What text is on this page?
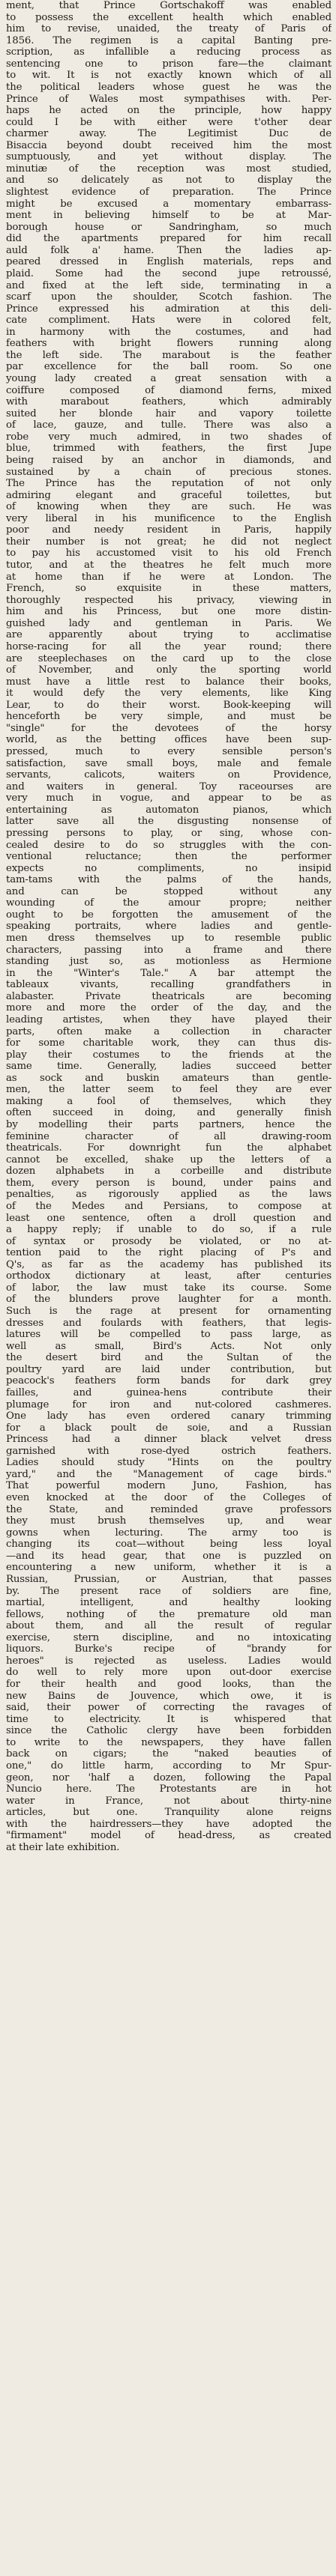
ment, that Prince Gortschakoff was enabled
to possess the excellent health which enabled
him to revise, unaided, the treaty of Paris of
1856. The regimen is a capital Banting pre-
scription, as infallible a reducing process as
sentencing one to prison fare—the claimant
to wit. It is not exactly known which of all
the political leaders whose guest he was the
Prince of Wales most sympathises with. Per-
haps he acted on the principle, how happy
could I be with either were t'other dear
charmer away. The Legitimist Duc de
Bisaccia beyond doubt received him the most
sumptuously, and yet without display. The
minutiæ of the reception was most studied,
and so delicately as not to display the
slightest evidence of preparation. The Prince
might be excused a momentary embarrass-
ment in believing himself to be at Mar-
borough house or Sandringham, so much
did the apartments prepared for him recall
auld folk a' hame. Then the ladies ap-
peared dressed in English materials, reps and
plaid. Some had the second jupe retroussé,
and fixed at the left side, terminating in a
scarf upon the shoulder, Scotch fashion. The
Prince expressed his admiration at this deli-
cate compliment. Hats were in colored felt,
in harmony with the costumes, and had
feathers with bright flowers running along
the left side. The marabout is the feather
par excellence for the ball room. So one
young lady created a great sensation with a
coiffure composed of diamond ferns, mixed
with marabout feathers, which admirably
suited her blonde hair and vapory toilette
of lace, gauze, and tulle. There was also a
robe very much admired, in two shades of
blue, trimmed with feathers, the first Jupe
being raised by an anchor in diamonds, and
sustained by a chain of precious stones.
The Prince has the reputation of not only
admiring elegant and graceful toilettes, but
of knowing when they are such. He was
very liberal in his munificence to the English
poor and needy resident in Paris, happily
their number is not great; he did not neglect
to pay his accustomed visit to his old French
tutor, and at the theatres he felt much more
at home than if he were at London. The
French, so exquisite in these matters,
thoroughly respected his privacy, viewing in
him and his Princess, but one more distin-
guished lady and gentleman in Paris. We
are apparently about trying to acclimatise
horse-racing for all the year round; there
are steeplechases on the card up to the close
of November, and only the sporting world
must have a little rest to balance their books,
it would defy the very elements, like King
Lear, to do their worst. Book-keeping will
henceforth be very simple, and must be
"single" for the devotees of the horsy
world, as the betting offices have been sup-
pressed, much to every sensible person's
satisfaction, save small boys, male and female
servants, calicots, waiters on Providence,
and waiters in general. Toy raceourses are
very much in vogue, and appear to be as
entertaining as automaton pianos, which
latter save all the disgusting nonsense of
pressing persons to play, or sing, whose con-
cealed desire to do so struggles with the con-
ventional reluctance; then the performer
expects no compliments, no insipid
tam-tams with the palms of the hands,
and can be stopped without any
wounding of the amour propre; neither
ought to be forgotten the amusement of the
speaking portraits, where ladies and gentle-
men dress themselves up to resemble public
characters, passing into a frame and there
standing just so, as motionless as Hermione
in the "Winter's Tale." A bar attempt the
tableaux vivants, recalling grandfathers in
alabaster. Private theatricals are becoming
more and more the order of the day, and the
leading artistes, when they have played their
parts, often make a collection in character
for some charitable work, they can thus dis-
play their costumes to the friends at the
same time. Generally, ladies succeed better
as sock and buskin amateurs than gentle-
men, the latter seem to feel they are ever
making a fool of themselves, which they
often succeed in doing, and generally finish
by modelling their parts partners, hence the
feminine character of all drawing-room
theatricals. For downright fun the alphabet
cannot be excelled, shake up the letters of a
dozen alphabets in a corbeille and distribute
them, every person is bound, under pains and
penalties, as rigorously applied as the laws
of the Medes and Persians, to compose at
least one sentence, often a droll question and
a happy reply; if unable to do so, if a rule
of syntax or prosody be violated, or no at-
tention paid to the right placing of P's and
Q's, as far as the academy has published its
orthodox dictionary at least, after centuries
of labor, the law must take its course. Some
of the blunders prove laughter for a month.
Such is the rage at present for ornamenting
dresses and foulards with feathers, that legis-
latures will be compelled to pass large, as
well as small, Bird's Acts. Not only
the desert bird and the Sultan of the
poultry yard are laid under contribution, but
peacock's feathers form bands for dark grey
failles, and guinea-hens contribute their
plumage for iron and nut-colored cashmeres.
One lady has even ordered canary trimming
for a black poult de soie, and a Russian
Princess had a dinner black velvet dress
garnished with rose-dyed ostrich feathers.
Ladies should study "Hints on the poultry
yard," and the "Management of cage birds."
That powerful modern Juno, Fashion, has
even knocked at the door of the Colleges of
the State, and reminded grave professors
they must brush themselves up, and wear
gowns when lecturing. The army too is
changing its coat—without being less loyal
—and its head gear, that one is puzzled on
encountering a new uniform, whether it is a
Russian, Prussian, or Austrian, that passes
by. The present race of soldiers are fine,
martial, intelligent, and healthy looking
fellows, nothing of the premature old man
about them, and all the result of regular
exercise, stern discipline, and no intoxicating
liquors. Burke's recipe of "brandy for
heroes" is rejected as useless. Ladies would
do well to rely more upon out-door exercise
for their health and good looks, than the
new Bains de Jouvence, which owe, it is
said, their power of correcting the ravages of
time to electricity. It is whispered that
since the Catholic clergy have been forbidden
to write to the newspapers, they have fallen
back on cigars; the "naked beauties of
one," do little harm, according to Mr Spur-
geon, nor 'half a dozen, following the Papal
Nuncio here. The Protestants are in hot
water in France, not about thirty-nine
articles, but one. Tranquility alone reigns
with the hairdressers—they have adopted the
"firmament" model of head-dress, as created
at their late exhibition.
